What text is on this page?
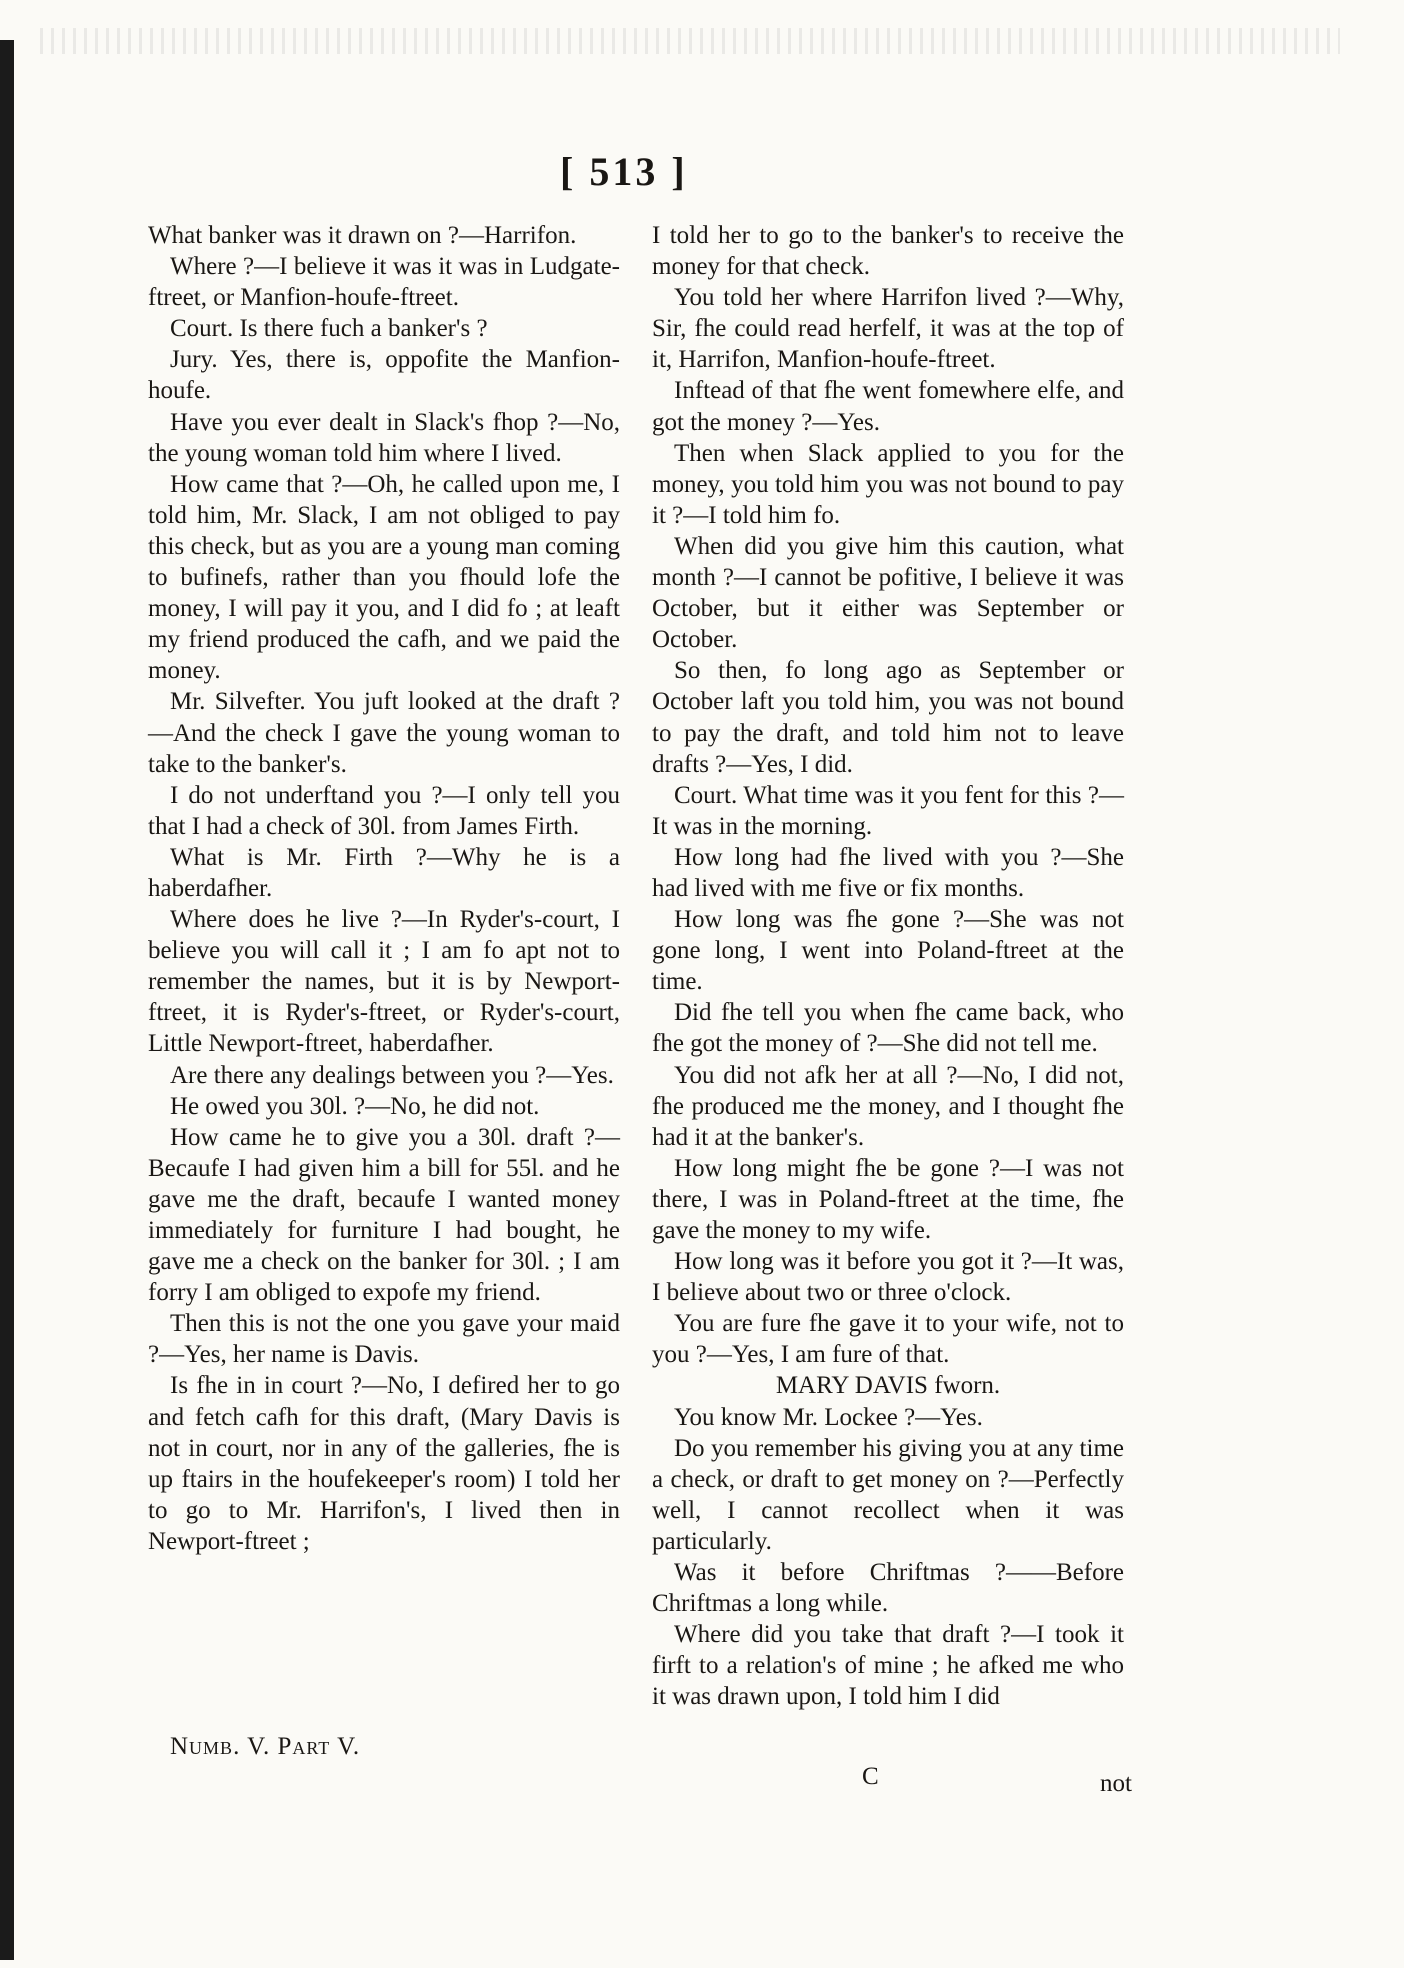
[ 513 ]

What banker was it drawn on ?—Harrifon.

Where ?—I believe it was it was in Ludgate-ftreet, or Manfion-houfe-ftreet.

Court. Is there fuch a banker's ?

Jury. Yes, there is, oppofite the Manfion-houfe.

Have you ever dealt in Slack's fhop ?—No, the young woman told him where I lived.

How came that ?—Oh, he called upon me, I told him, Mr. Slack, I am not obliged to pay this check, but as you are a young man coming to bufinefs, rather than you fhould lofe the money, I will pay it you, and I did fo ; at leaft my friend produced the cafh, and we paid the money.

Mr. Silvefter. You juft looked at the draft ?—And the check I gave the young woman to take to the banker's.

I do not underftand you ?—I only tell you that I had a check of 30l. from James Firth.

What is Mr. Firth ?—Why he is a haberdafher.

Where does he live ?—In Ryder's-court, I believe you will call it ; I am fo apt not to remember the names, but it is by Newport-ftreet, it is Ryder's-ftreet, or Ryder's-court, Little Newport-ftreet, haberdafher.

Are there any dealings between you ?—Yes.

He owed you 30l. ?—No, he did not.

How came he to give you a 30l. draft ?—Becaufe I had given him a bill for 55l. and he gave me the draft, becaufe I wanted money immediately for furniture I had bought, he gave me a check on the banker for 30l. ; I am forry I am obliged to expofe my friend.

Then this is not the one you gave your maid ?—Yes, her name is Davis.

Is fhe in in court ?—No, I defired her to go and fetch cafh for this draft, (Mary Davis is not in court, nor in any of the galleries, fhe is up ftairs in the houfekeeper's room) I told her to go to Mr. Harrifon's, I lived then in Newport-ftreet ;

I told her to go to the banker's to receive the money for that check.

You told her where Harrifon lived ?—Why, Sir, fhe could read herfelf, it was at the top of it, Harrifon, Manfion-houfe-ftreet.

Inftead of that fhe went fomewhere elfe, and got the money ?—Yes.

Then when Slack applied to you for the money, you told him you was not bound to pay it ?—I told him fo.

When did you give him this caution, what month ?—I cannot be pofitive, I believe it was October, but it either was September or October.

So then, fo long ago as September or October laft you told him, you was not bound to pay the draft, and told him not to leave drafts ?—Yes, I did.

Court. What time was it you fent for this ?—It was in the morning.

How long had fhe lived with you ?—She had lived with me five or fix months.

How long was fhe gone ?—She was not gone long, I went into Poland-ftreet at the time.

Did fhe tell you when fhe came back, who fhe got the money of ?—She did not tell me.

You did not afk her at all ?—No, I did not, fhe produced me the money, and I thought fhe had it at the banker's.

How long might fhe be gone ?—I was not there, I was in Poland-ftreet at the time, fhe gave the money to my wife.

How long was it before you got it ?—It was, I believe about two or three o'clock.

You are fure fhe gave it to your wife, not to you ?—Yes, I am fure of that.

MARY DAVIS fworn.

You know Mr. Lockee ?—Yes.

Do you remember his giving you at any time a check, or draft to get money on ?—Perfectly well, I cannot recollect when it was particularly.

Was it before Chriftmas ?——Before Chriftmas a long while.

Where did you take that draft ?—I took it firft to a relation's of mine ; he afked me who it was drawn upon, I told him I did

Numb. V. Part V.
C	not
